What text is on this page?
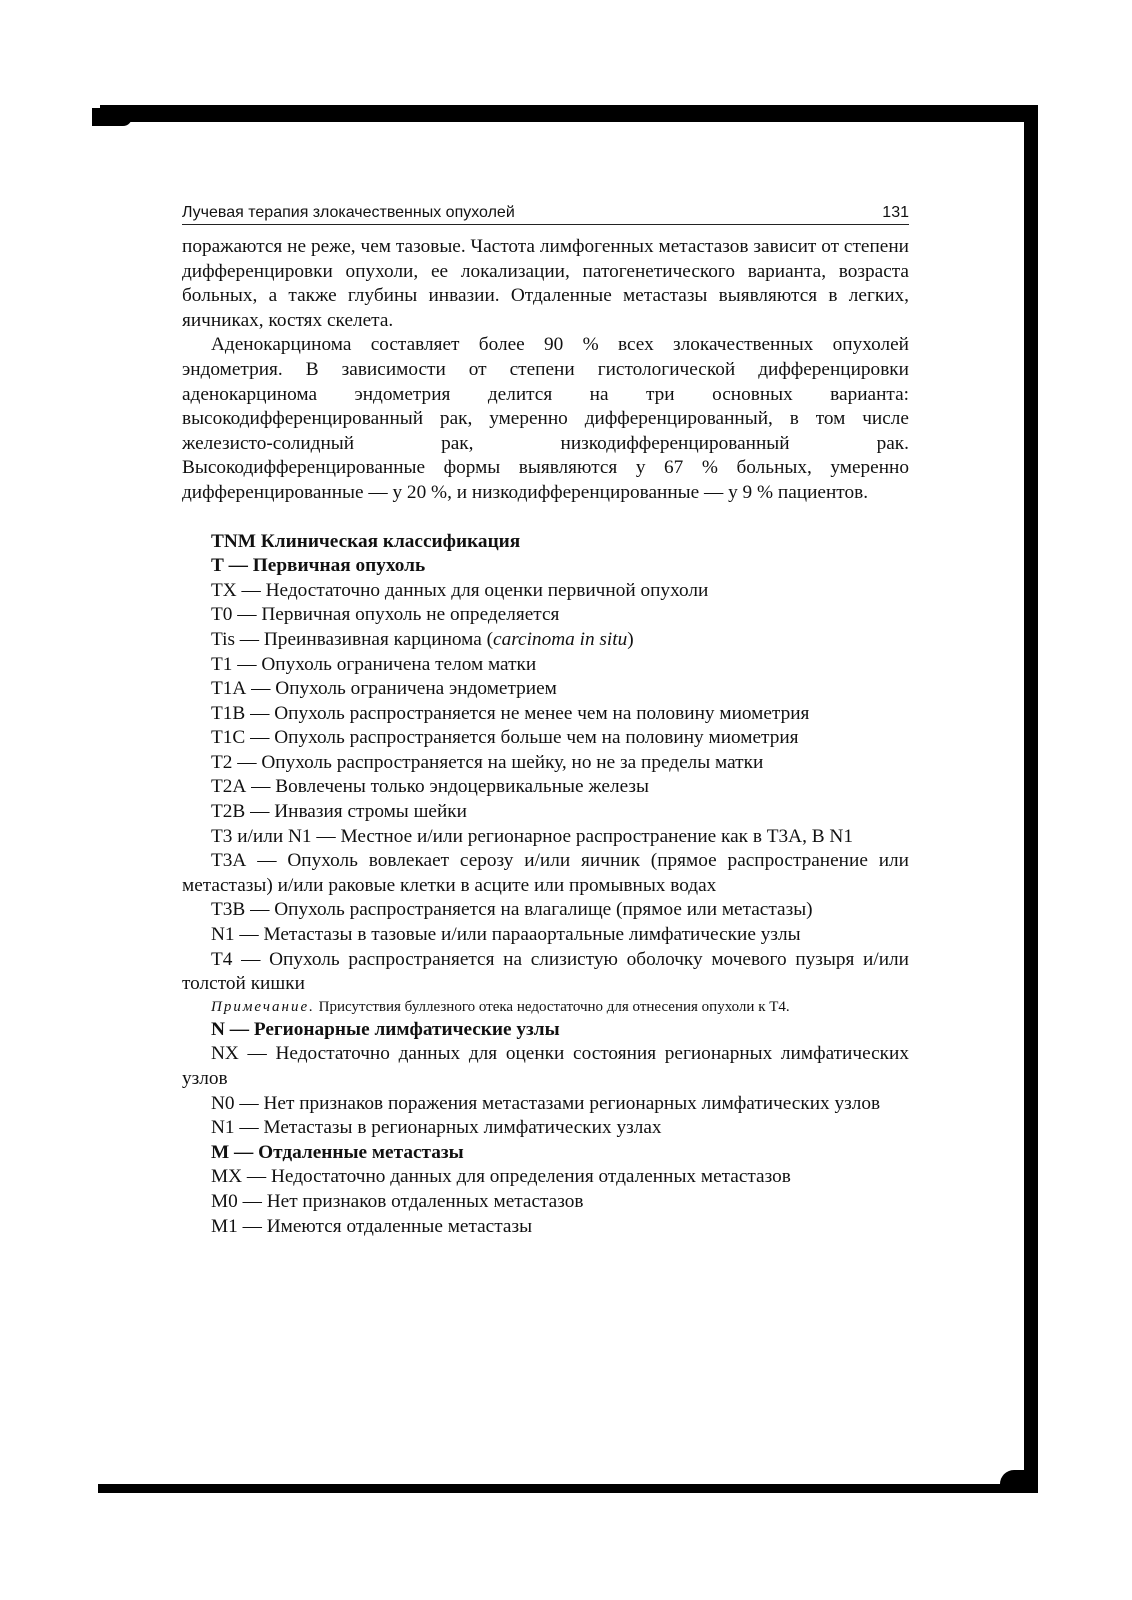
Лучевая терапия злокачественных опухолей	131

поражаются не реже, чем тазовые. Частота лимфогенных метастазов зависит от степени дифференцировки опухоли, ее локализации, патогенетического варианта, возраста больных, а также глубины инвазии. Отдаленные метастазы выявляются в легких, яичниках, костях скелета.

Аденокарцинома составляет более 90 % всех злокачественных опухолей эндометрия. В зависимости от степени гистологической дифференцировки аденокарцинома эндометрия делится на три основных варианта: высокодифференцированный рак, умеренно дифференцированный, в том числе железисто-солидный рак, низкодифференцированный рак. Высокодифференцированные формы выявляются у 67 % больных, умеренно дифференцированные — у 20 %, и низкодифференцированные — у 9 % пациентов.

TNM Клиническая классификация

Т — Первичная опухоль

ТХ — Недостаточно данных для оценки первичной опухоли

Т0 — Первичная опухоль не определяется

Tis — Преинвазивная карцинома (carcinoma in situ)

Т1 — Опухоль ограничена телом матки

Т1А — Опухоль ограничена эндометрием

Т1В — Опухоль распространяется не менее чем на половину миометрия

Т1С — Опухоль распространяется больше чем на половину миометрия

Т2 — Опухоль распространяется на шейку, но не за пределы матки

Т2А — Вовлечены только эндоцервикальные железы

Т2В — Инвазия стромы шейки

Т3 и/или N1 — Местное и/или регионарное распространение как в Т3А, B N1

Т3А — Опухоль вовлекает серозу и/или яичник (прямое распространение или метастазы) и/или раковые клетки в асците или промывных водах

Т3В — Опухоль распространяется на влагалище (прямое или метастазы)

N1 — Метастазы в тазовые и/или парааортальные лимфатические узлы

Т4 — Опухоль распространяется на слизистую оболочку мочевого пузыря и/или толстой кишки

Примечание. Присутствия буллезного отека недостаточно для отнесения опухоли к Т4.

N — Регионарные лимфатические узлы

NX — Недостаточно данных для оценки состояния регионарных лимфатических узлов

N0 — Нет признаков поражения метастазами регионарных лимфатических узлов

N1 — Метастазы в регионарных лимфатических узлах

М — Отдаленные метастазы

МХ — Недостаточно данных для определения отдаленных метастазов

М0 — Нет признаков отдаленных метастазов

М1 — Имеются отдаленные метастазы
